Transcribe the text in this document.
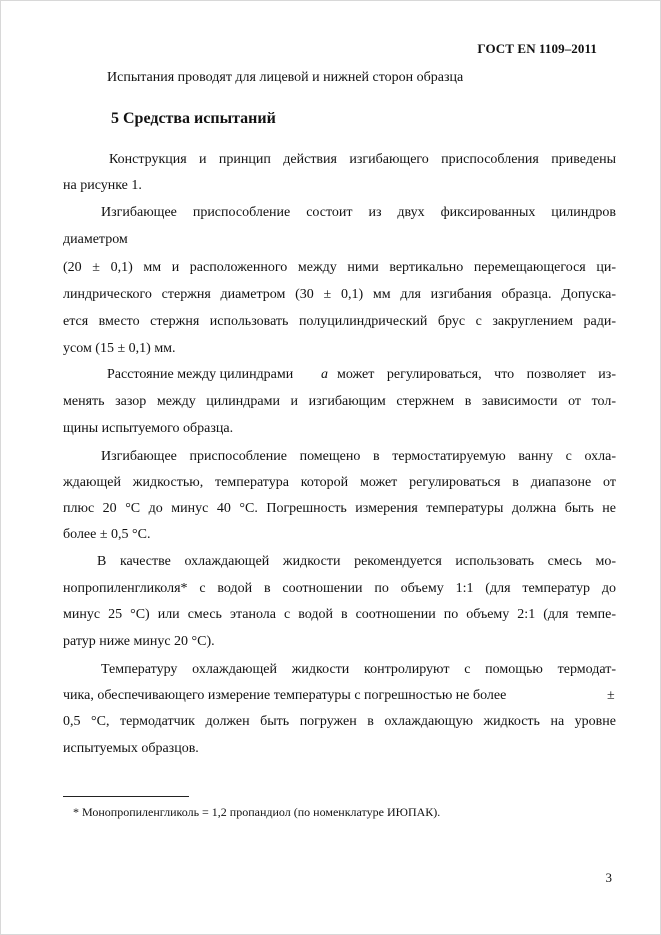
ГОСТ EN 1109–2011
Испытания проводят для лицевой и нижней сторон образца
5 Средства испытаний
Конструкция и принцип действия изгибающего приспособления приведены
на рисунке 1.
Изгибающее приспособление состоит из двух фиксированных цилиндров
диаметром
(20 ± 0,1) мм и расположенного между ними вертикально перемещающегося ци-
линдрического стержня диаметром (30 ± 0,1) мм для изгибания образца. Допуска-
ется вместо стержня использовать полуцилиндрический брус с закруглением ради-
усом (15 ± 0,1) мм.
Расстояние между цилиндрами a может регулироваться, что позволяет из-
менять зазор между цилиндрами и изгибающим стержнем в зависимости от тол-
щины испытуемого образца.
Изгибающее приспособление помещено в термостатируемую ванну с охла-
ждающей жидкостью, температура которой может регулироваться в диапазоне от
плюс 20 °С до минус 40 °С. Погрешность измерения температуры должна быть не
более ± 0,5 °С.
В качестве охлаждающей жидкости рекомендуется использовать смесь мо-
нопропиленгликоля* с водой в соотношении по объему 1:1 (для температур до
минус 25 °С) или смесь этанола с водой в соотношении по объему 2:1 (для темпе-
ратур ниже минус 20 °С).
Температуру охлаждающей жидкости контролируют с помощью термодат-
чика, обеспечивающего измерение температуры с погрешностью не более	±
0,5 °С, термодатчик должен быть погружен в охлаждающую жидкость на уровне
испытуемых образцов.
* Монопропиленгликоль = 1,2 пропандиол (по номенклатуре ИЮПАК).
3
